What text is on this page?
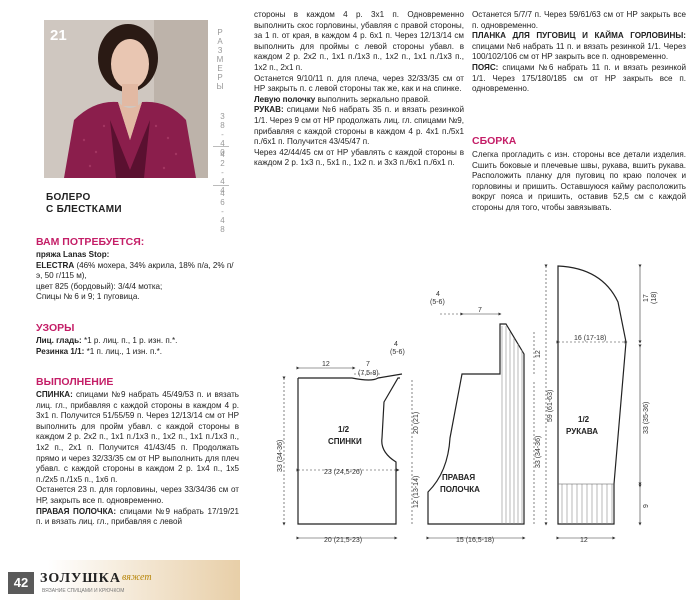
21	РАЗМЕРЫ
38-40
42-44
46-48
БОЛЕРО
С БЛЕСТКАМИ
ВАМ ПОТРЕБУЕТСЯ:
пряжа Lanas Stop:
ELECTRA (46% мохера, 34% акрила, 18% п/а, 2% п/э, 50 г/115 м),
цвет 825 (бордовый): 3/4/4 мотка;
Спицы № 6 и 9; 1 пуговица.
УЗОРЫ
Лиц. гладь: *1 р. лиц. п., 1 р. изн. п.*.
Резинка 1/1: *1 п. лиц., 1 изн. п.*.
ВЫПОЛНЕНИЕ
СПИНКА: спицами №9 набрать 45/49/53 п. и вязать лиц. гл., прибавляя с каждой стороны в каждом 4 р. 3х1 п. Получится 51/55/59 п. Через 12/13/14 см от НР выполнить для пройм убавл. с каждой стороны в каждом 2 р. 2х2 п., 1х1 п./1х3 п., 1х2 п., 1х1 п./1х3 п., 1х2 п., 2х1 п. Получится 41/43/45 п. Продолжать прямо и через 32/33/35 см от НР выполнить для плеч убавл. с каждой стороны в каждом 2 р. 1х4 п., 1х5 п./2х5 п./1х5 п., 1х6 п.
Останется 23 п. для горловины, через 33/34/36 см от НР, закрыть все п. одновременно.
ПРАВАЯ ПОЛОЧКА: спицами №9 набрать 17/19/21 п. и вязать лиц. гл., прибавляя с левой
стороны в каждом 4 р. 3х1 п. Одновременно выполнить скос горловины, убавляя с правой стороны, за 1 п. от края, в каждом 4 р. 6х1 п. Через 12/13/14 см выполнить для проймы с левой стороны убавл. в каждом 2 р. 2х2 п., 1х1 п./1х3 п., 1х2 п., 1х1 п./1х3 п., 1х2 п., 2х1 п.
Останется 9/10/11 п. для плеча, через 32/33/35 см от НР закрыть п. с левой стороны так же, как и на спинке.
Левую полочку выполнить зеркально правой.
РУКАВ: спицами №6 набрать 35 п. и вязать резинкой 1/1. Через 9 см от НР продолжать лиц. гл. спицами №9, прибавляя с каждой стороны в каждом 4 р. 4х1 п./5х1 п./6х1 п. Получится 43/45/47 п.
Через 42/44/45 см от НР убавлять с каждой стороны в каждом 2 р. 1х3 п., 5х1 п., 1х2 п. и 3х3 п./6х1 п./6х1 п.
Останется 5/7/7 п. Через 59/61/63 см от НР закрыть все п. одновременно.
ПЛАНКА ДЛЯ ПУГОВИЦ И КАЙМА ГОРЛОВИНЫ: спицами №6 набрать 11 п. и вязать резинкой 1/1. Через 100/102/106 см от НР закрыть все п. одновременно.
ПОЯС: спицами №6 набрать 11 п. и вязать резинкой 1/1. Через 175/180/185 см от НР закрыть все п. одновременно.
СБОРКА
Слегка прогладить с изн. стороны все детали изделия. Сшить боковые и плечевые швы, рукава, вшить рукава. Расположить планку для пуговиц по краю полочек и горловины и пришить. Оставшуюся кайму расположить вокруг пояса и пришить, оставив 52,5 см с каждой стороны для того, чтобы завязывать.
12	7
(7,5-8)
4
(5-6)
33 (34-36)
20 (21)
12 (13-14)
23 (24,5-26)
20 (21,5-23)
1/2
СПИНКИ
4
(5-6)
7
12
33 (34-36)
15 (16,5-18)
ПРАВАЯ
ПОЛОЧКА
59 (61-63)
16 (17-18)
17 (18)
33 (35-36)
9
12
1/2
РУКАВА
42 ЗОЛУШКА вяжет
ВЯЗАНИЕ СПИЦАМИ И КРЮЧКОМ
